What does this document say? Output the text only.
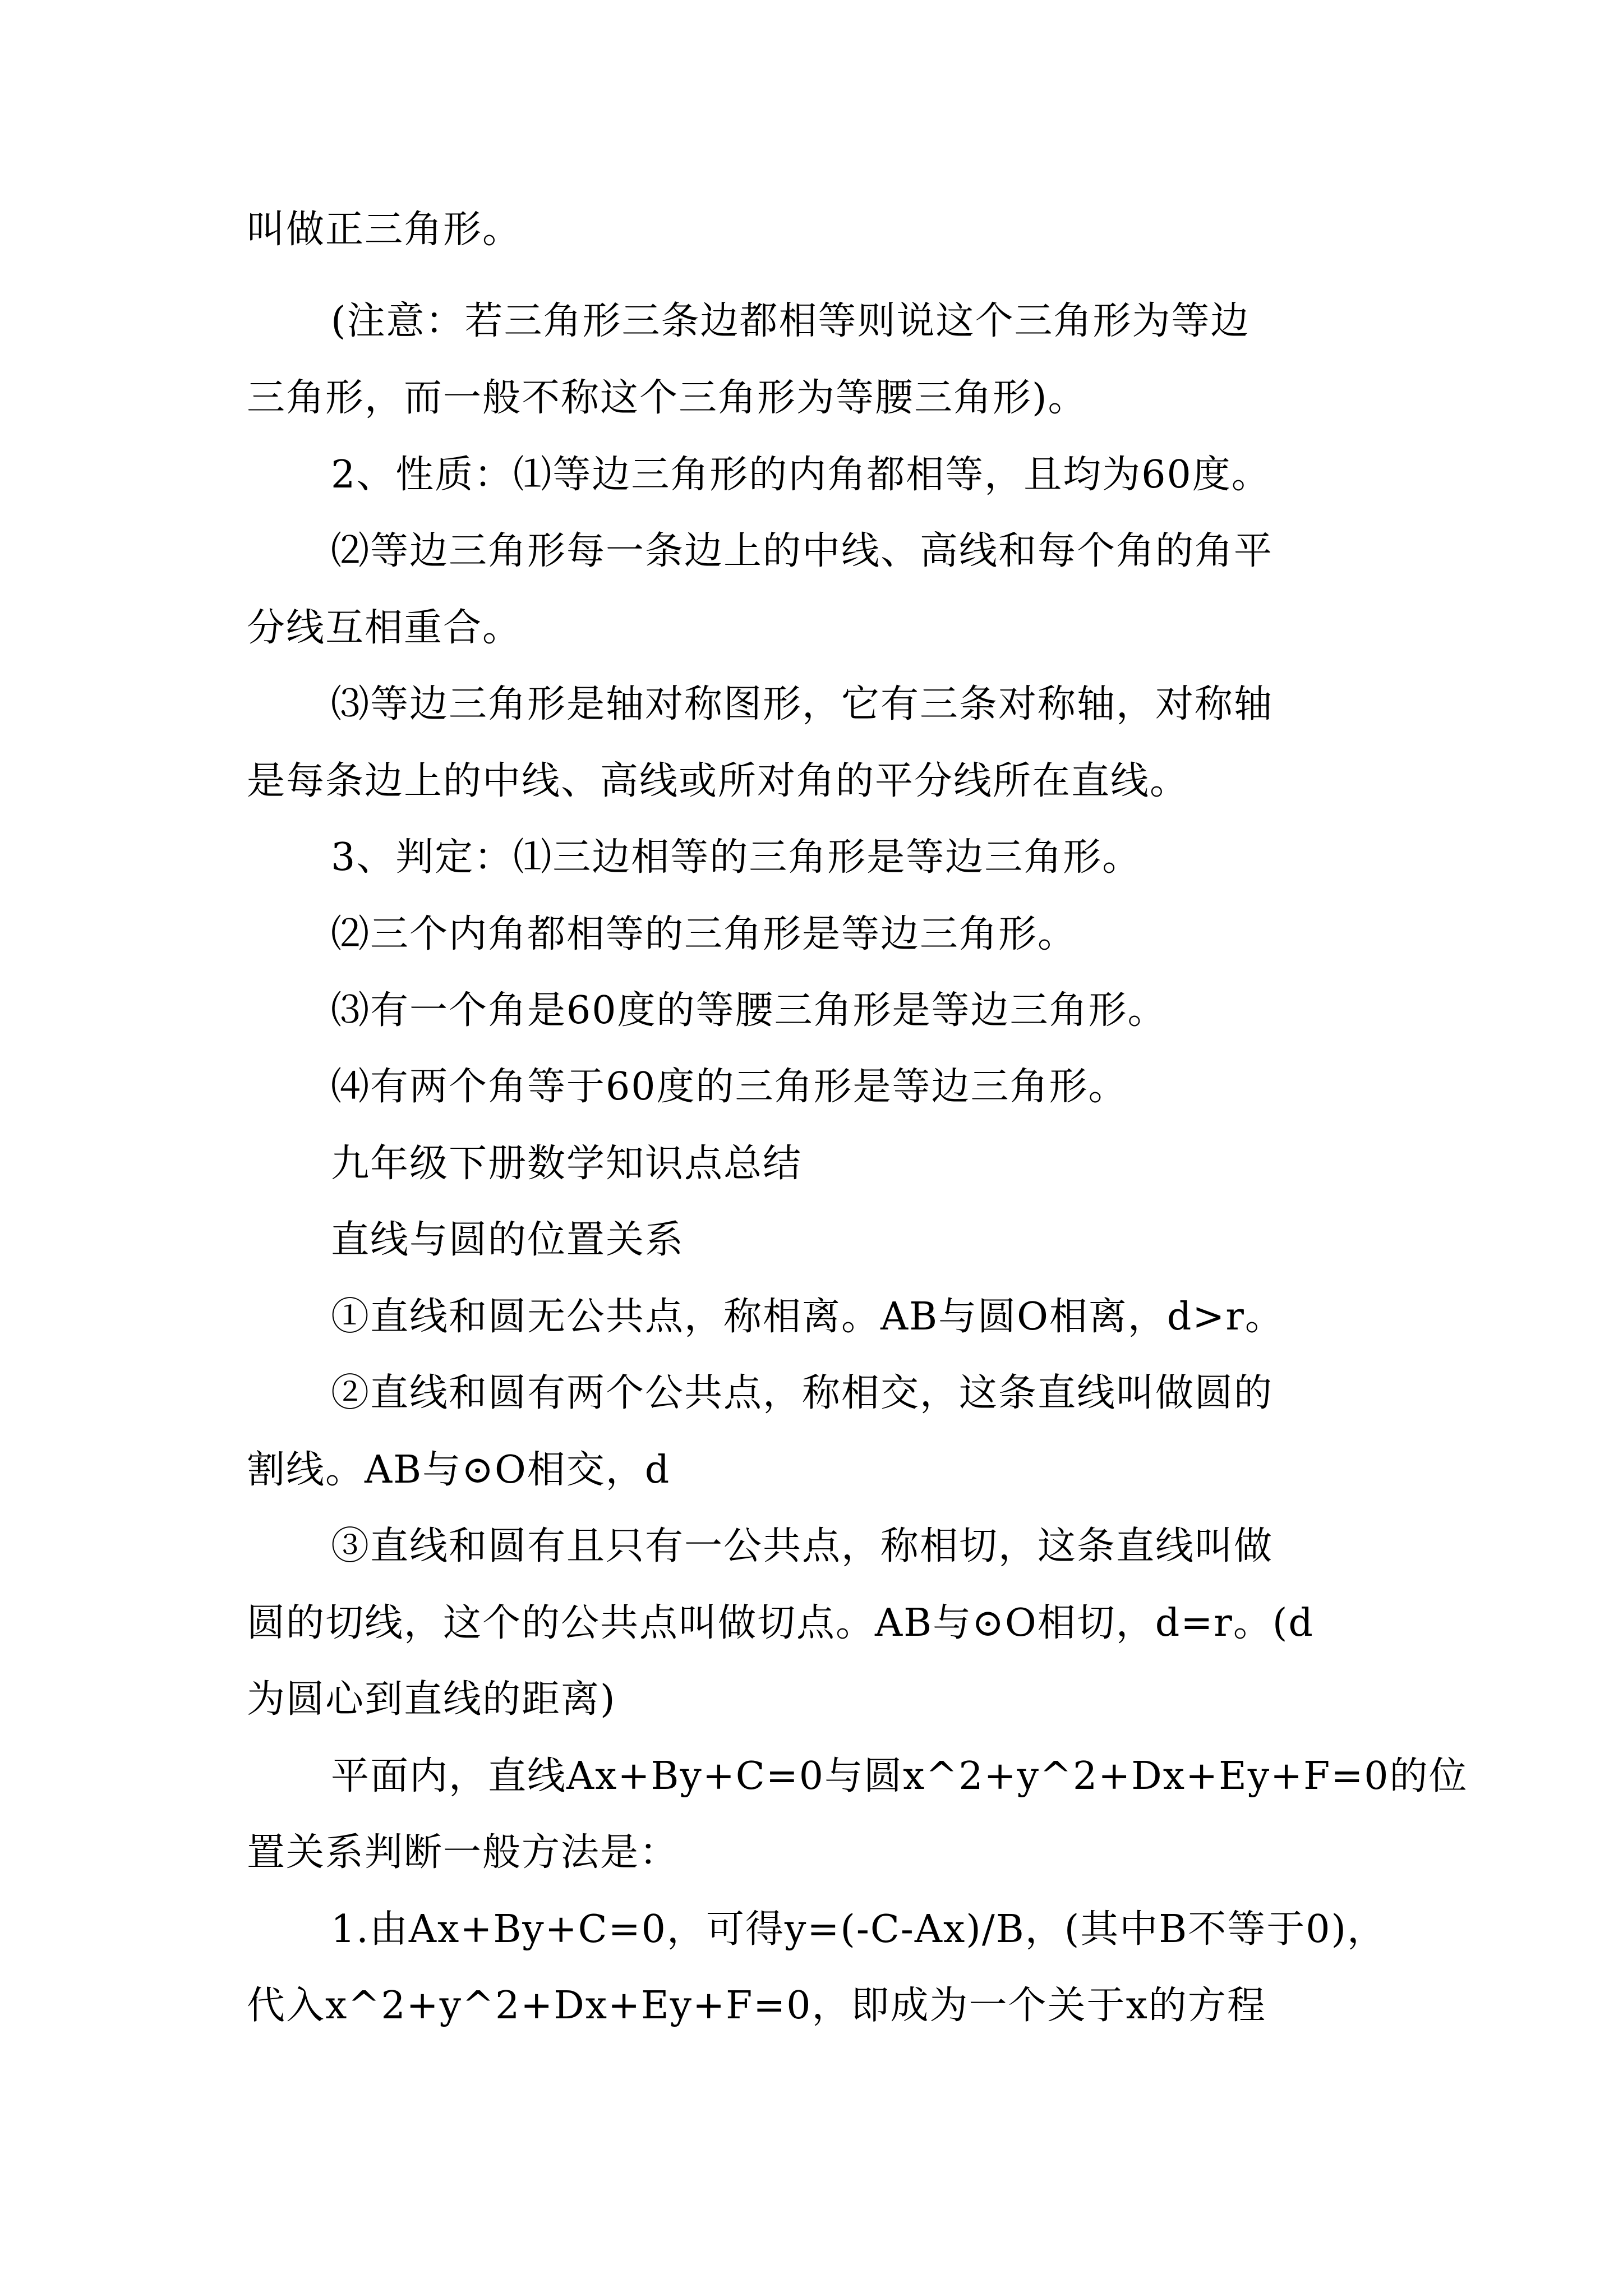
叫做正三角形。

(注意：若三角形三条边都相等则说这个三角形为等边

三角形，而一般不称这个三角形为等腰三角形)。

2、性质：⑴等边三角形的内角都相等，且均为60度。

⑵等边三角形每一条边上的中线、高线和每个角的角平

分线互相重合。

⑶等边三角形是轴对称图形，它有三条对称轴，对称轴

是每条边上的中线、高线或所对角的平分线所在直线。

3、判定：⑴三边相等的三角形是等边三角形。

⑵三个内角都相等的三角形是等边三角形。

⑶有一个角是60度的等腰三角形是等边三角形。

⑷有两个角等于60度的三角形是等边三角形。

九年级下册数学知识点总结

直线与圆的位置关系

①直线和圆无公共点，称相离。AB与圆O相离，d>r。

②直线和圆有两个公共点，称相交，这条直线叫做圆的

割线。AB与⊙O相交，d

③直线和圆有且只有一公共点，称相切，这条直线叫做

圆的切线，这个的公共点叫做切点。AB与⊙O相切，d=r。(d

为圆心到直线的距离)

平面内，直线Ax+By+C=0与圆x^2+y^2+Dx+Ey+F=0的位

置关系判断一般方法是：

1.由Ax+By+C=0，可得y=(-C-Ax)/B，(其中B不等于0)，

代入x^2+y^2+Dx+Ey+F=0，即成为一个关于x的方程
